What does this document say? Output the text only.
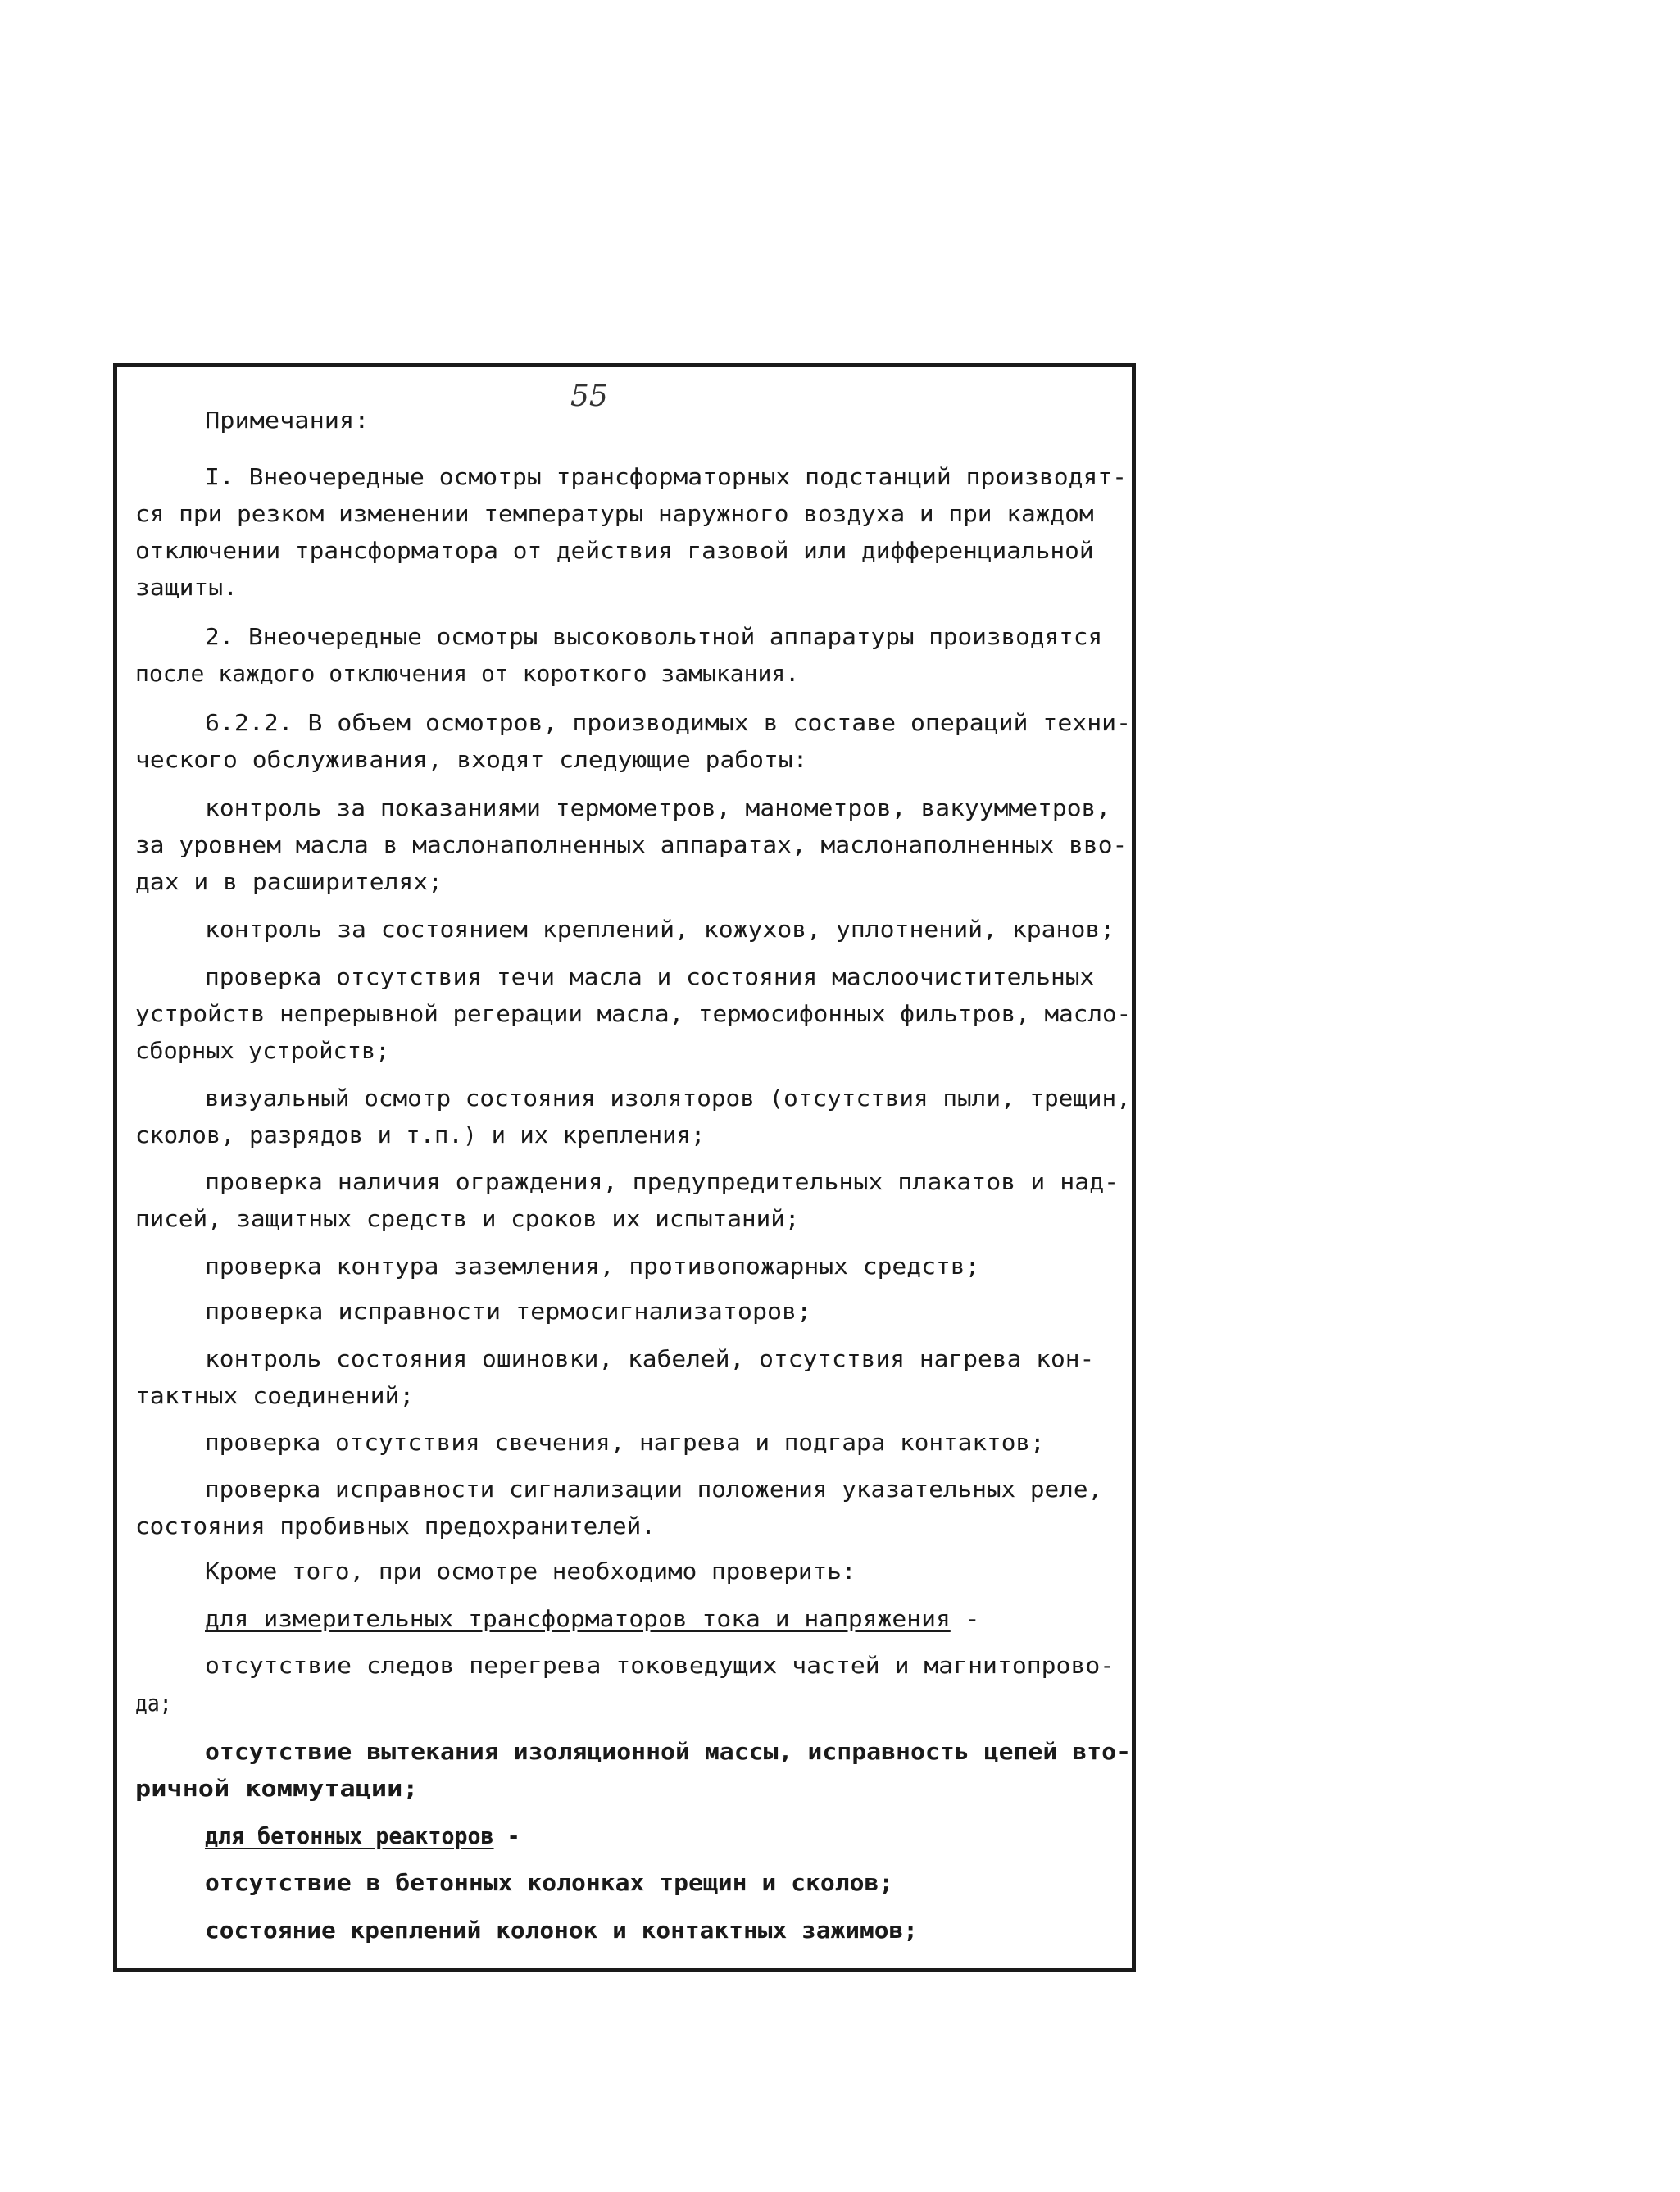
55
Примечания:
I. Внеочередные осмотры трансформаторных подстанций производят-
ся при резком изменении температуры наружного воздуха и при каждом
отключении трансформатора от действия газовой или дифференциальной
защиты.
2. Внеочередные осмотры высоковольтной аппаратуры производятся
после каждого отключения от короткого замыкания.
6.2.2. В объем осмотров, производимых в составе операций техни-
ческого обслуживания, входят следующие работы:
контроль за показаниями термометров, манометров, вакуумметров,
за уровнем масла в маслонаполненных аппаратах, маслонаполненных вво-
дах и в расширителях;
контроль за состоянием креплений, кожухов, уплотнений, кранов;
проверка отсутствия течи масла и состояния маслоочистительных
устройств непрерывной регерации масла, термосифонных фильтров, масло-
сборных устройств;
визуальный осмотр состояния изоляторов (отсутствия пыли, трещин,
сколов, разрядов и т.п.) и их крепления;
проверка наличия ограждения, предупредительных плакатов и над-
писей, защитных средств и сроков их испытаний;
проверка контура заземления, противопожарных средств;
проверка исправности термосигнализаторов;
контроль состояния ошиновки, кабелей, отсутствия нагрева кон-
тактных соединений;
проверка отсутствия свечения, нагрева и подгара контактов;
проверка исправности сигнализации положения указательных реле,
состояния пробивных предохранителей.
Кроме того, при осмотре необходимо проверить:
для измерительных трансформаторов тока и напряжения -
отсутствие следов перегрева токоведущих частей и магнитопрово-
да;
отсутствие вытекания изоляционной массы, исправность цепей вто-
ричной коммутации;
для бетонных реакторов -
отсутствие в бетонных колонках трещин и сколов;
состояние креплений колонок и контактных зажимов;
